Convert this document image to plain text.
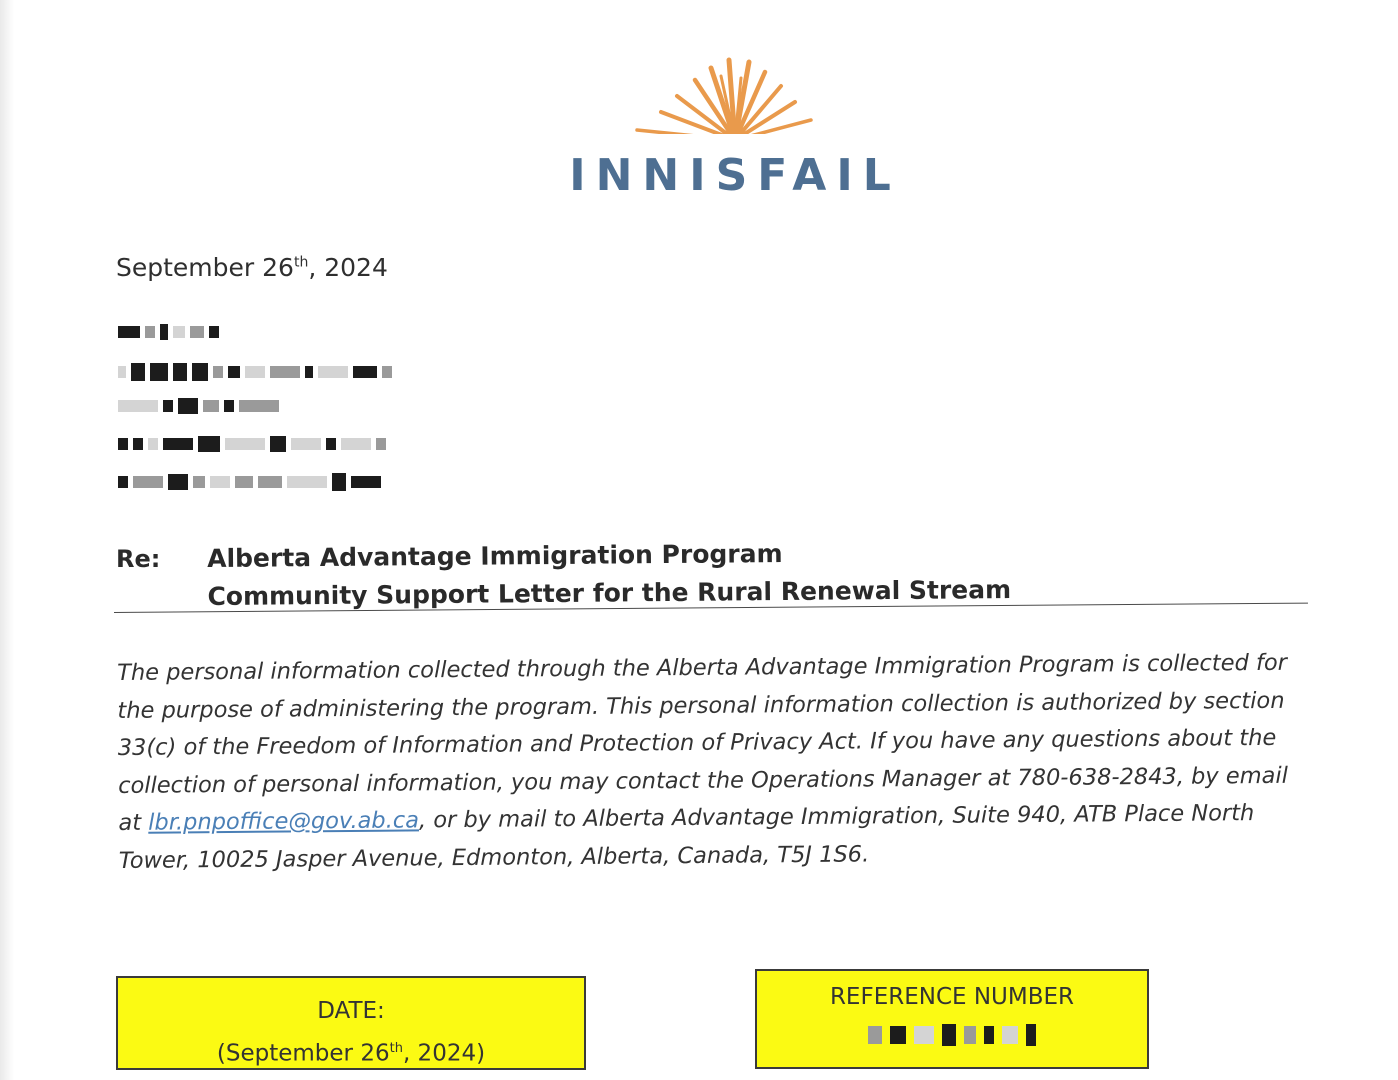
INNISFAIL
September 26th, 2024
Re: Alberta Advantage Immigration Program
Community Support Letter for the Rural Renewal Stream
The personal information collected through the Alberta Advantage Immigration Program is collected for the purpose of administering the program. This personal information collection is authorized by section 33(c) of the Freedom of Information and Protection of Privacy Act. If you have any questions about the collection of personal information, you may contact the Operations Manager at 780-638-2843, by email at lbr.pnpoffice@gov.ab.ca, or by mail to Alberta Advantage Immigration, Suite 940, ATB Place North Tower, 10025 Jasper Avenue, Edmonton, Alberta, Canada, T5J 1S6.
DATE:
(September 26th, 2024)
REFERENCE NUMBER
